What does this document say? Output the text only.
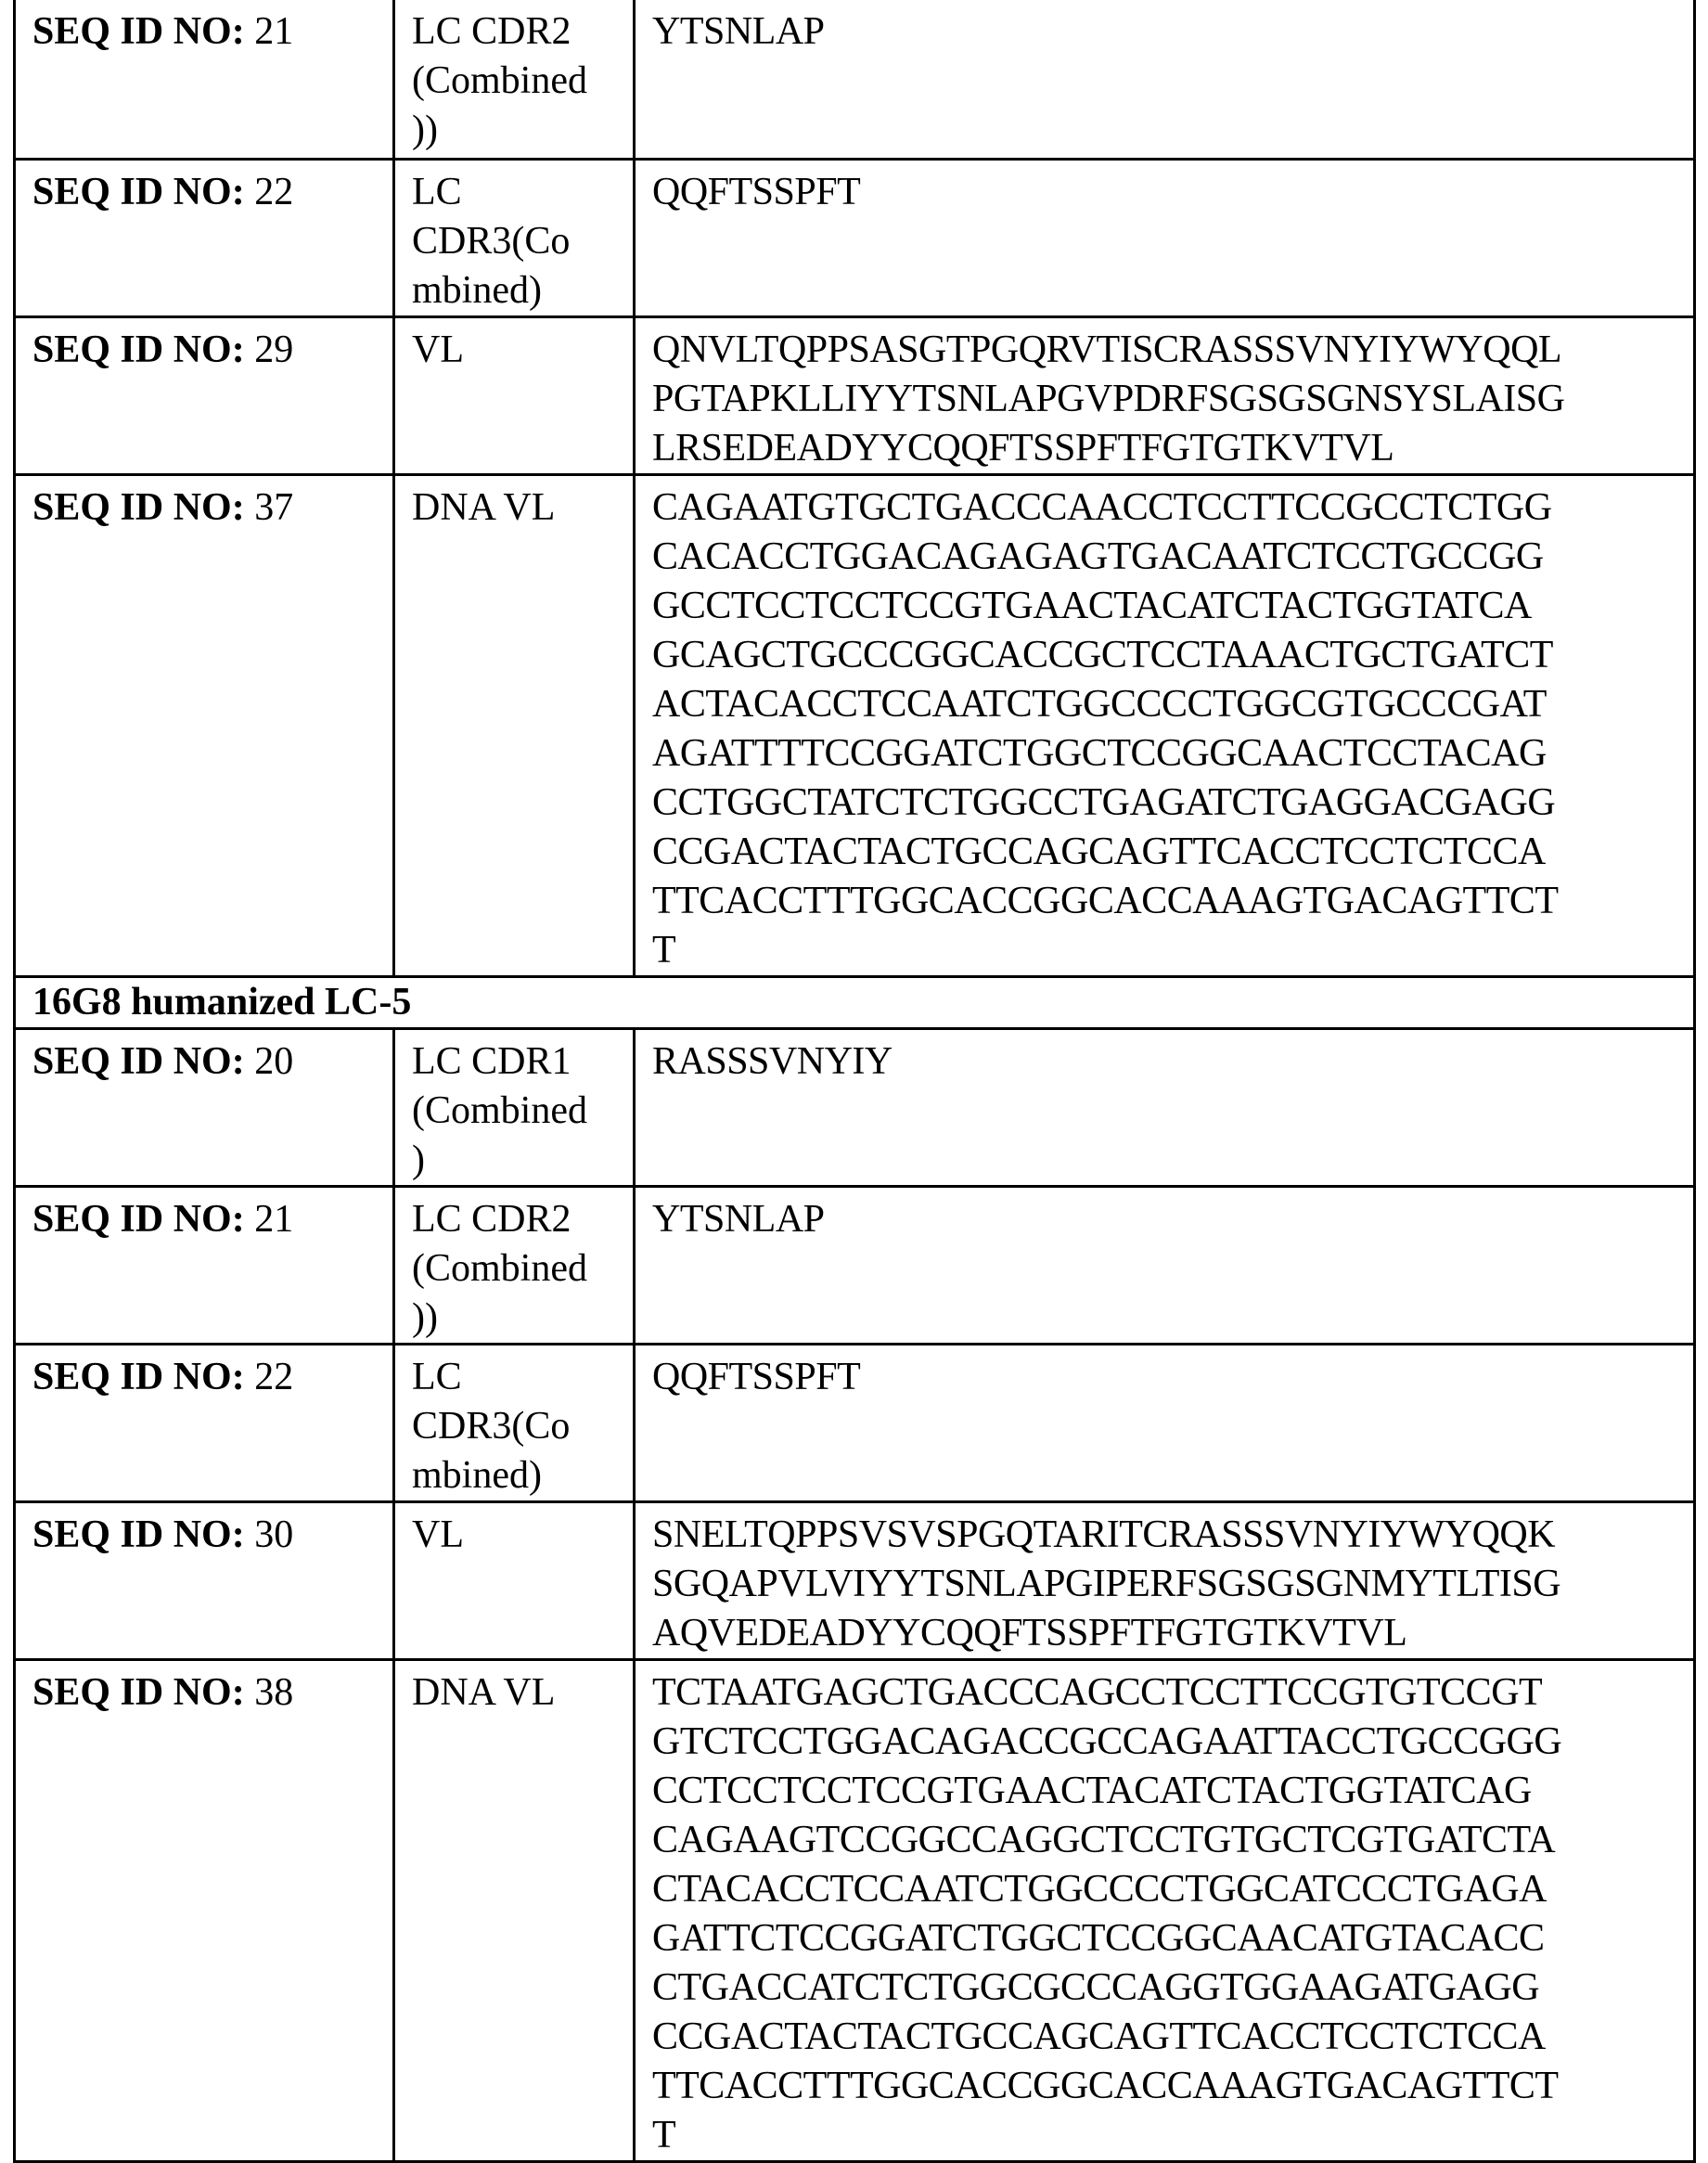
SEQ ID NO: 21	LC CDR2
(Combined
))	YTSNLAP
SEQ ID NO: 22	LC
CDR3(Co
mbined)	QQFTSSPFT
SEQ ID NO: 29	VL	QNVLTQPPSASGTPGQRVTISCRASSSVNYIYWYQQL
PGTAPKLLIYYTSNLAPGVPDRFSGSGSGNSYSLAISG
LRSEDEADYYCQQFTSSPFTFGTGTKVTVL
SEQ ID NO: 37	DNA VL	CAGAATGTGCTGACCCAACCTCCTTCCGCCTCTGG
CACACCTGGACAGAGAGTGACAATCTCCTGCCGG
GCCTCCTCCTCCGTGAACTACATCTACTGGTATCA
GCAGCTGCCCGGCACCGCTCCTAAACTGCTGATCT
ACTACACCTCCAATCTGGCCCCTGGCGTGCCCGAT
AGATTTTCCGGATCTGGCTCCGGCAACTCCTACAG
CCTGGCTATCTCTGGCCTGAGATCTGAGGACGAGG
CCGACTACTACTGCCAGCAGTTCACCTCCTCTCCA
TTCACCTTTGGCACCGGCACCAAAGTGACAGTTCT
T
16G8 humanized LC-5
SEQ ID NO: 20	LC CDR1
(Combined
)	RASSSVNYIY
SEQ ID NO: 21	LC CDR2
(Combined
))	YTSNLAP
SEQ ID NO: 22	LC
CDR3(Co
mbined)	QQFTSSPFT
SEQ ID NO: 30	VL	SNELTQPPSVSVSPGQTARITCRASSSVNYIYWYQQK
SGQAPVLVIYYTSNLAPGIPERFSGSGSGNMYTLTISG
AQVEDEADYYCQQFTSSPFTFGTGTKVTVL
SEQ ID NO: 38	DNA VL	TCTAATGAGCTGACCCAGCCTCCTTCCGTGTCCGT
GTCTCCTGGACAGACCGCCAGAATTACCTGCCGGG
CCTCCTCCTCCGTGAACTACATCTACTGGTATCAG
CAGAAGTCCGGCCAGGCTCCTGTGCTCGTGATCTA
CTACACCTCCAATCTGGCCCCTGGCATCCCTGAGA
GATTCTCCGGATCTGGCTCCGGCAACATGTACACC
CTGACCATCTCTGGCGCCCAGGTGGAAGATGAGG
CCGACTACTACTGCCAGCAGTTCACCTCCTCTCCA
TTCACCTTTGGCACCGGCACCAAAGTGACAGTTCT
T
